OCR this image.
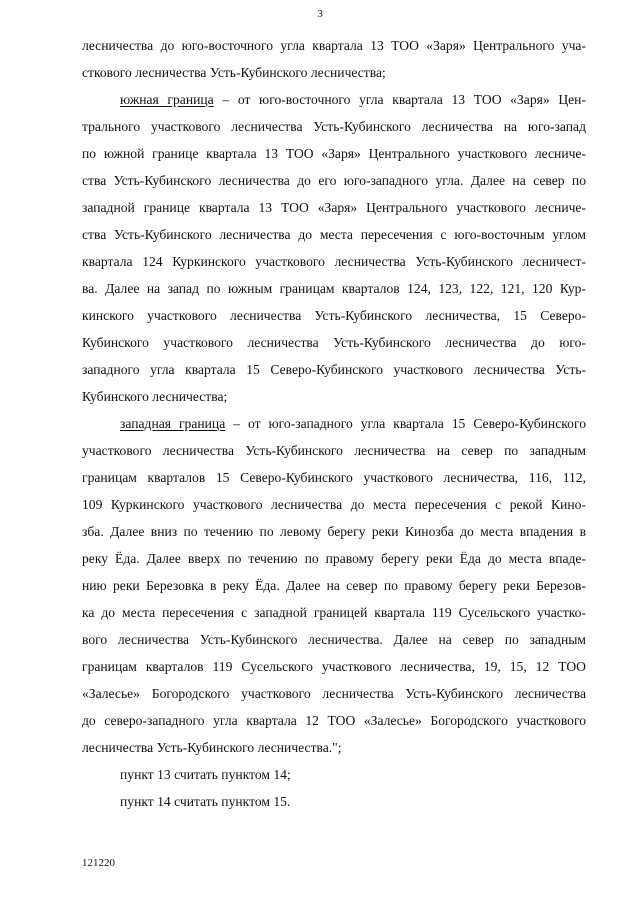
3
лесничества до юго-восточного угла квартала 13 ТОО «Заря» Центрального уча-
сткового лесничества Усть-Кубинского лесничества;
южная граница – от юго-восточного угла квартала 13 ТОО «Заря» Цен-
трального участкового лесничества Усть-Кубинского лесничества на юго-запад
по южной границе квартала 13 ТОО «Заря» Центрального участкового лесниче-
ства Усть-Кубинского лесничества до его юго-западного угла. Далее на север по
западной границе квартала 13 ТОО «Заря» Центрального участкового лесниче-
ства Усть-Кубинского лесничества до места пересечения с юго-восточным углом
квартала 124 Куркинского участкового лесничества Усть-Кубинского лесничест-
ва. Далее на запад по южным границам кварталов 124, 123, 122, 121, 120 Кур-
кинского участкового лесничества Усть-Кубинского лесничества, 15 Северо-
Кубинского участкового лесничества Усть-Кубинского лесничества до юго-
западного угла квартала 15 Северо-Кубинского участкового лесничества Усть-
Кубинского лесничества;
западная граница – от юго-западного угла квартала 15 Северо-Кубинского
участкового лесничества Усть-Кубинского лесничества на север по западным
границам кварталов 15 Северо-Кубинского участкового лесничества, 116, 112,
109 Куркинского участкового лесничества до места пересечения с рекой Кино-
зба. Далее вниз по течению по левому берегу реки Кинозба до места впадения в
реку Ёда. Далее вверх по течению по правому берегу реки Ёда до места впаде-
нию реки Березовка в реку Ёда. Далее на север по правому берегу реки Березов-
ка до места пересечения с западной границей квартала 119 Сусельского участко-
вого лесничества Усть-Кубинского лесничества. Далее на север по западным
границам кварталов 119 Сусельского участкового лесничества, 19, 15, 12 ТОО
«Залесье» Богородского участкового лесничества Усть-Кубинского лесничества
до северо-западного угла квартала 12 ТОО «Залесье» Богородского участкового
лесничества Усть-Кубинского лесничества.";
пункт 13 считать пунктом 14;
пункт 14 считать пунктом 15.
121220
